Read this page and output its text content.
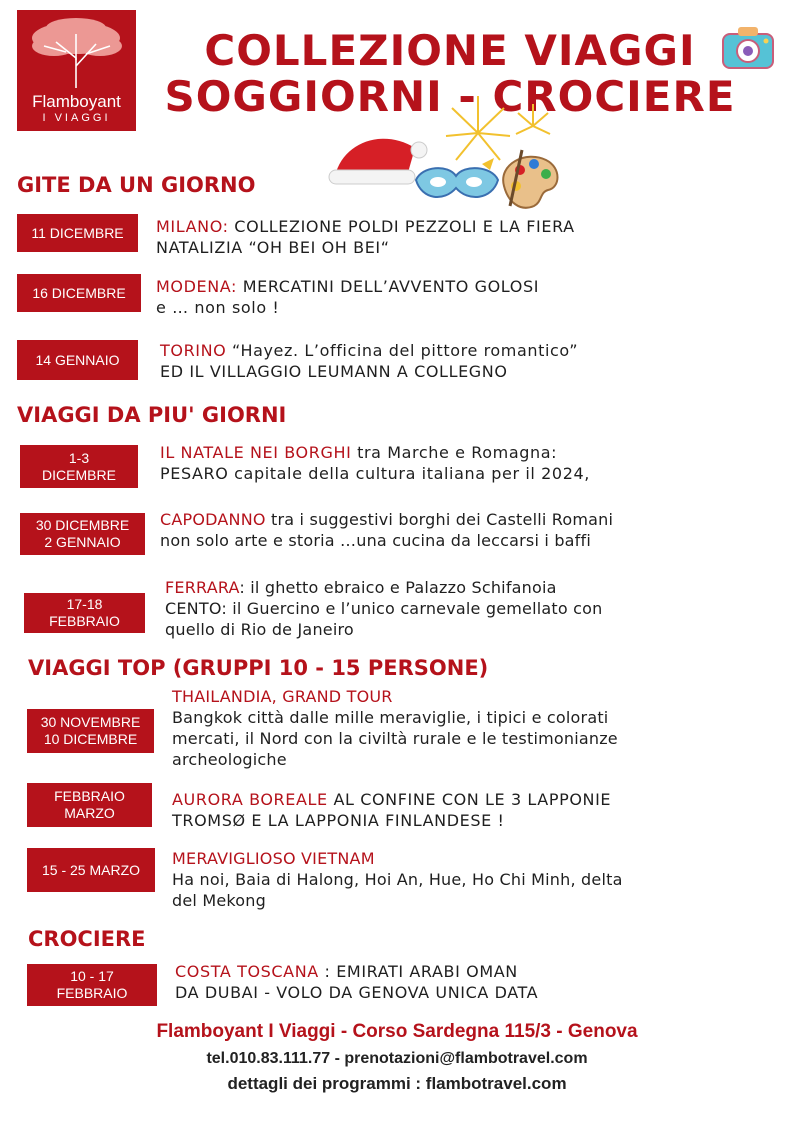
Flamboyant
I VIAGGI
COLLEZIONE VIAGGI
SOGGIORNI - CROCIERE
GITE DA UN GIORNO
11 DICEMBRE MILANO: COLLEZIONE POLDI PEZZOLI E LA FIERA
NATALIZIA “OH BEI OH BEI“
16 DICEMBRE MODENA: MERCATINI DELL’AVVENTO GOLOSI
e … non solo !
14 GENNAIO	TORINO “Hayez. L’officina del pittore romantico”
ED IL VILLAGGIO LEUMANN A COLLEGNO
VIAGGI DA PIU' GIORNI
1-3
DICEMBRE
IL NATALE NEI BORGHI tra Marche e Romagna:
PESARO capitale della cultura italiana per il 2024,
30 DICEMBRE
2 GENNAIO
CAPODANNO tra i suggestivi borghi dei Castelli Romani
non solo arte e storia …una cucina da leccarsi i baffi
17-18
FEBBRAIO
FERRARA: il ghetto ebraico e Palazzo Schifanoia
CENTO: il Guercino e l’unico carnevale gemellato con
quello di Rio de Janeiro
VIAGGI TOP (GRUPPI 10 - 15 PERSONE)
30 NOVEMBRE
10 DICEMBRE
THAILANDIA, GRAND TOUR
Bangkok città dalle mille meraviglie, i tipici e colorati
mercati, il Nord con la civiltà rurale e le testimonianze
archeologiche
FEBBRAIO
MARZO
AURORA BOREALE AL CONFINE CON LE 3 LAPPONIE
TROMSØ E LA LAPPONIA FINLANDESE !
15 - 25 MARZO
MERAVIGLIOSO VIETNAM
Ha noi, Baia di Halong, Hoi An, Hue, Ho Chi Minh, delta
del Mekong
CROCIERE
10 - 17
FEBBRAIO
COSTA TOSCANA : EMIRATI ARABI OMAN
DA DUBAI - VOLO DA GENOVA UNICA DATA
Flamboyant I Viaggi - Corso Sardegna 115/3 - Genova
tel.010.83.111.77 - prenotazioni@flambotravel.com
dettagli dei programmi : flambotravel.com
